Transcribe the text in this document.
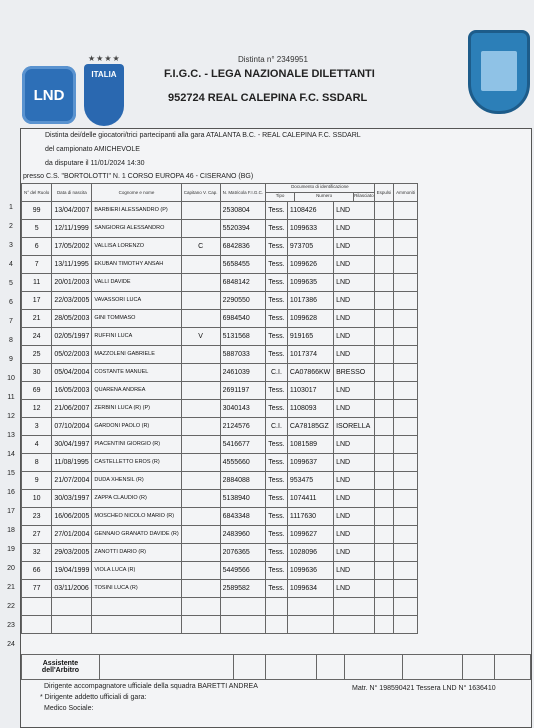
★★★★
LND
ITALIA
Distinta n° 2349951
F.I.G.C. - LEGA NAZIONALE DILETTANTI
952724 REAL CALEPINA F.C. SSDARL
Distinta dei/delle giocatori/trici partecipanti alla gara ATALANTA B.C. - REAL CALEPINA F.C. SSDARL
del campionato AMICHEVOLE
da disputare il 11/01/2024 14:30
presso C.S. "BORTOLOTTI" N. 1 CORSO EUROPA 46 - CISERANO (BG)
N° del Ruolo	Data di nascita	Cognome e nome	Capitano V. Cap.	N. Matricola F.I.G.C.	Documento di identificazione
Tipo Numero Rilasciato			Espulsi	Ammoniti
99	13/04/2007	BARBIERI ALESSANDRO (P)		2530804	Tess.	1108426	LND		
5	12/11/1999	SANGIORGI ALESSANDRO		5520394	Tess.	1099633	LND		
6	17/05/2002	VALLISA LORENZO	C	6842836	Tess.	973705	LND		
7	13/11/1995	EKUBAN TIMOTHY ANSAH		5658455	Tess.	1099626	LND		
11	20/01/2003	VALLI DAVIDE		6848142	Tess.	1099635	LND		
17	22/03/2005	VAVASSORI LUCA		2290550	Tess.	1017386	LND		
21	28/05/2003	GINI TOMMASO		6984540	Tess.	1099628	LND		
24	02/05/1997	RUFFINI LUCA	V	5131568	Tess.	919165	LND		
25	05/02/2003	MAZZOLENI GABRIELE		5887033	Tess.	1017374	LND		
30	05/04/2004	COSTANTE MANUEL		2461039	C.I.	CA07866KW	BRESSO		
69	16/05/2003	QUARENA ANDREA		2691197	Tess.	1103017	LND		
12	21/06/2007	ZERBINI LUCA (R) (P)		3040143	Tess.	1108093	LND		
3	07/10/2004	GARDONI PAOLO (R)		2124576	C.I.	CA78185GZ	ISORELLA		
4	30/04/1997	PIACENTINI GIORGIO (R)		5416677	Tess.	1081589	LND		
8	11/08/1995	CASTELLETTO EROS (R)		4555660	Tess.	1099637	LND		
9	21/07/2004	DUDA XHENSIL (R)		2884088	Tess.	953475	LND		
10	30/03/1997	ZAPPA CLAUDIO (R)		5138940	Tess.	1074411	LND		
23	16/06/2005	MOSCHEO NICOLO MARIO (R)		6843348	Tess.	1117630	LND		
27	27/01/2004	GENNAIO GRANATO DAVIDE (R)		2483960	Tess.	1099627	LND		
32	29/03/2005	ZANOTTI DARIO (R)		2076365	Tess.	1028096	LND		
66	19/04/1999	VIOLA LUCA (R)		5449566	Tess.	1099636	LND		
77	03/11/2006	TOSINI LUCA (R)		2589582	Tess.	1099634	LND		

Assistente dell'Arbitro

1
2
3
4
5
6
7
8
9
10
11
12
13
14
15
16
17
18
19
20
21
22
23
24
Dirigente accompagnatore ufficiale della squadra BARETTI ANDREA	Matr. N° 198590421 Tessera LND N° 1636410
* Dirigente addetto ufficiali di gara:
Medico Sociale:
